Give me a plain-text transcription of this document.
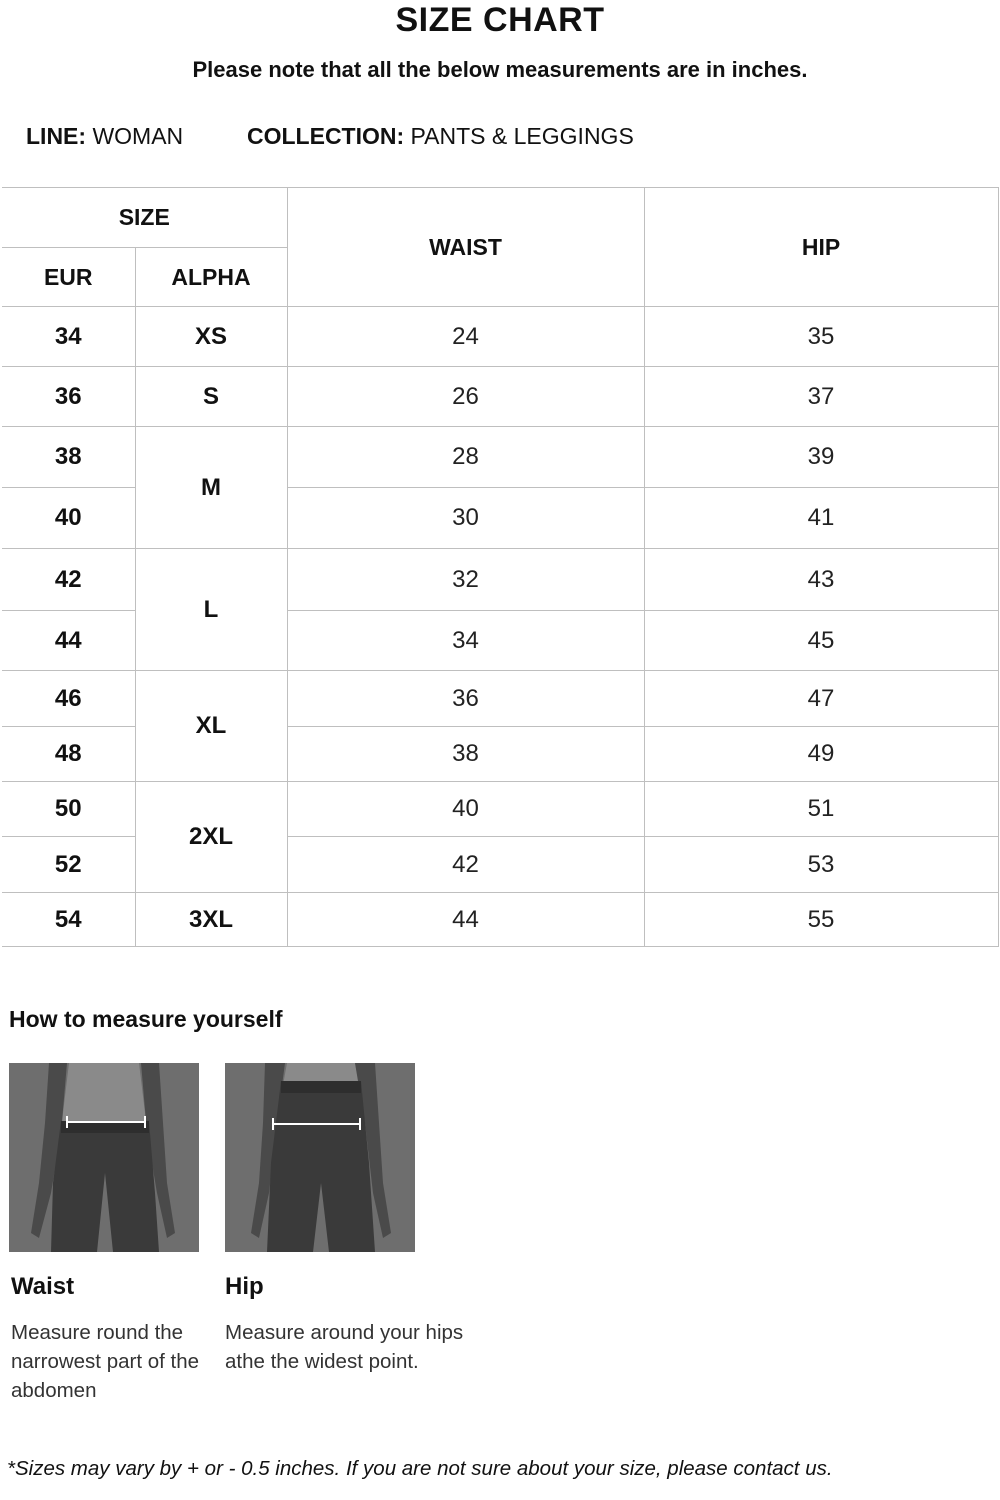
SIZE CHART
Please note that all the below measurements are in inches.
LINE: WOMAN	COLLECTION: PANTS & LEGGINGS
SIZE		WAIST	HIP
EUR	ALPHA		
34	XS	24	35
36	S	26	37
38	M	28	39
40		30	41
42	L	32	43
44		34	45
46	XL	36	47
48		38	49
50	2XL	40	51
52		42	53
54	3XL	44	55
How to measure yourself
Waist	Hip
Measure round the narrowest part of the abdomen
Measure around your hips athe the widest point.
*Sizes may vary by + or - 0.5 inches. If you are not sure about your size, please contact us.
